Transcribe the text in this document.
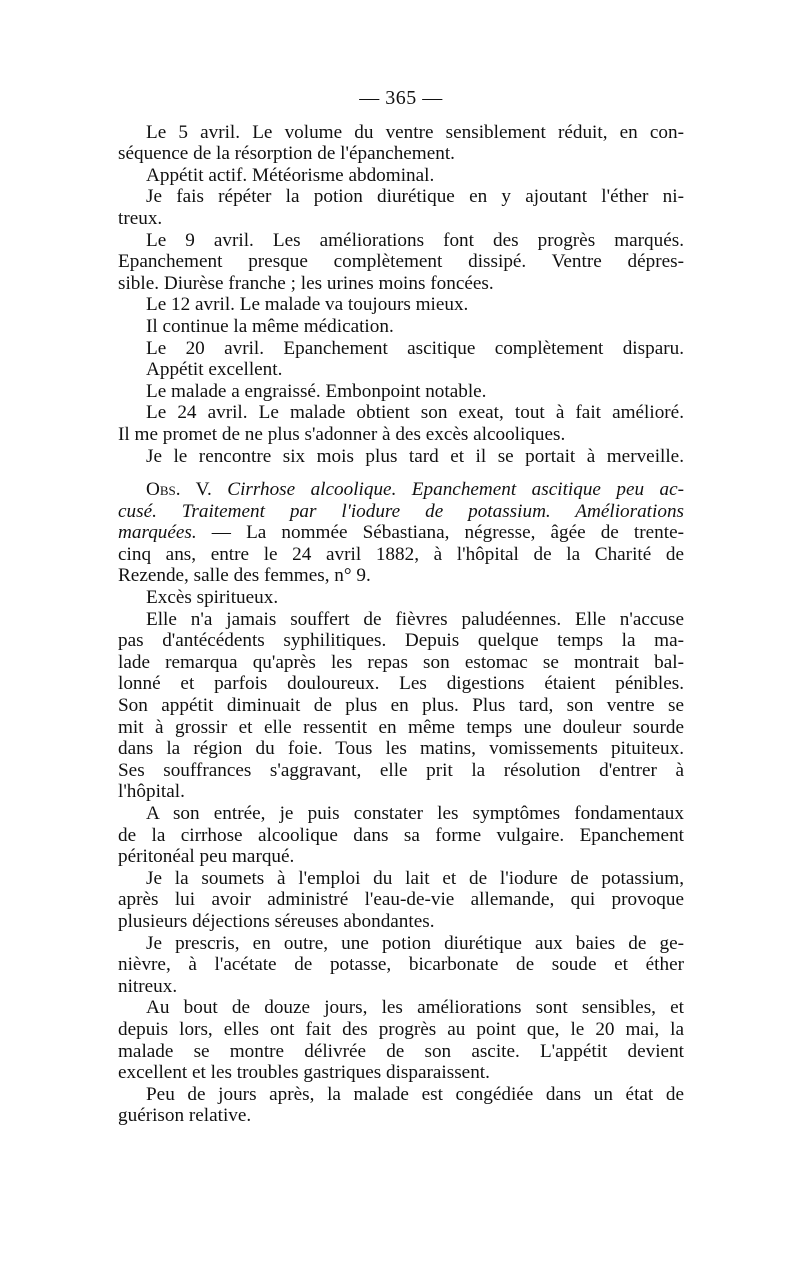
— 365 —
Le 5 avril. Le volume du ventre sensiblement réduit, en con-
séquence de la résorption de l'épanchement.
Appétit actif. Météorisme abdominal.
Je fais répéter la potion diurétique en y ajoutant l'éther ni-
treux.
Le 9 avril. Les améliorations font des progrès marqués.
Epanchement presque complètement dissipé. Ventre dépres-
sible. Diurèse franche ; les urines moins foncées.
Le 12 avril. Le malade va toujours mieux.
Il continue la même médication.
Le 20 avril. Epanchement ascitique complètement disparu.
Appétit excellent.
Le malade a engraissé. Embonpoint notable.
Le 24 avril. Le malade obtient son exeat, tout à fait amélioré.
Il me promet de ne plus s'adonner à des excès alcooliques.
Je le rencontre six mois plus tard et il se portait à merveille.
Obs. V. Cirrhose alcoolique. Epanchement ascitique peu ac-
cusé. Traitement par l'iodure de potassium. Améliorations
marquées. — La nommée Sébastiana, négresse, âgée de trente-
cinq ans, entre le 24 avril 1882, à l'hôpital de la Charité de
Rezende, salle des femmes, n° 9.
Excès spiritueux.
Elle n'a jamais souffert de fièvres paludéennes. Elle n'accuse
pas d'antécédents syphilitiques. Depuis quelque temps la ma-
lade remarqua qu'après les repas son estomac se montrait bal-
lonné et parfois douloureux. Les digestions étaient pénibles.
Son appétit diminuait de plus en plus. Plus tard, son ventre se
mit à grossir et elle ressentit en même temps une douleur sourde
dans la région du foie. Tous les matins, vomissements pituiteux.
Ses souffrances s'aggravant, elle prit la résolution d'entrer à
l'hôpital.
A son entrée, je puis constater les symptômes fondamentaux
de la cirrhose alcoolique dans sa forme vulgaire. Epanchement
péritonéal peu marqué.
Je la soumets à l'emploi du lait et de l'iodure de potassium,
après lui avoir administré l'eau-de-vie allemande, qui provoque
plusieurs déjections séreuses abondantes.
Je prescris, en outre, une potion diurétique aux baies de ge-
nièvre, à l'acétate de potasse, bicarbonate de soude et éther
nitreux.
Au bout de douze jours, les améliorations sont sensibles, et
depuis lors, elles ont fait des progrès au point que, le 20 mai, la
malade se montre délivrée de son ascite. L'appétit devient
excellent et les troubles gastriques disparaissent.
Peu de jours après, la malade est congédiée dans un état de
guérison relative.
